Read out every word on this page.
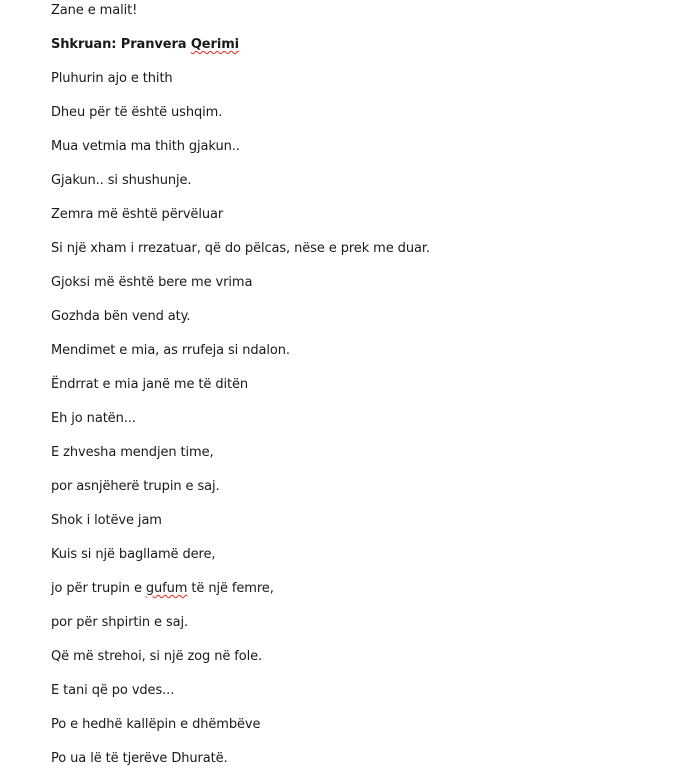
Zane e malit!
Shkruan: Pranvera Qerimi
Pluhurin ajo e thith
Dheu për të është ushqim.
Mua vetmia ma thith gjakun..
Gjakun.. si shushunje.
Zemra më është përvëluar
Si një xham i rrezatuar, që do pëlcas, nëse e prek me duar.
Gjoksi më është bere me vrima
Gozhda bën vend aty.
Mendimet e mia, as rrufeja si ndalon.
Ëndrrat e mia janë me të ditën
Eh jo natën...
E zhvesha mendjen time,
por asnjëherë trupin e saj.
Shok i lotëve jam
Kuis si një bagllamë dere,
jo për trupin e gufum të një femre,
por për shpirtin e saj.
Që më strehoi, si një zog në fole.
E tani që po vdes...
Po e hedhë kallëpin e dhëmbëve
Po ua lë të tjerëve Dhuratë.
